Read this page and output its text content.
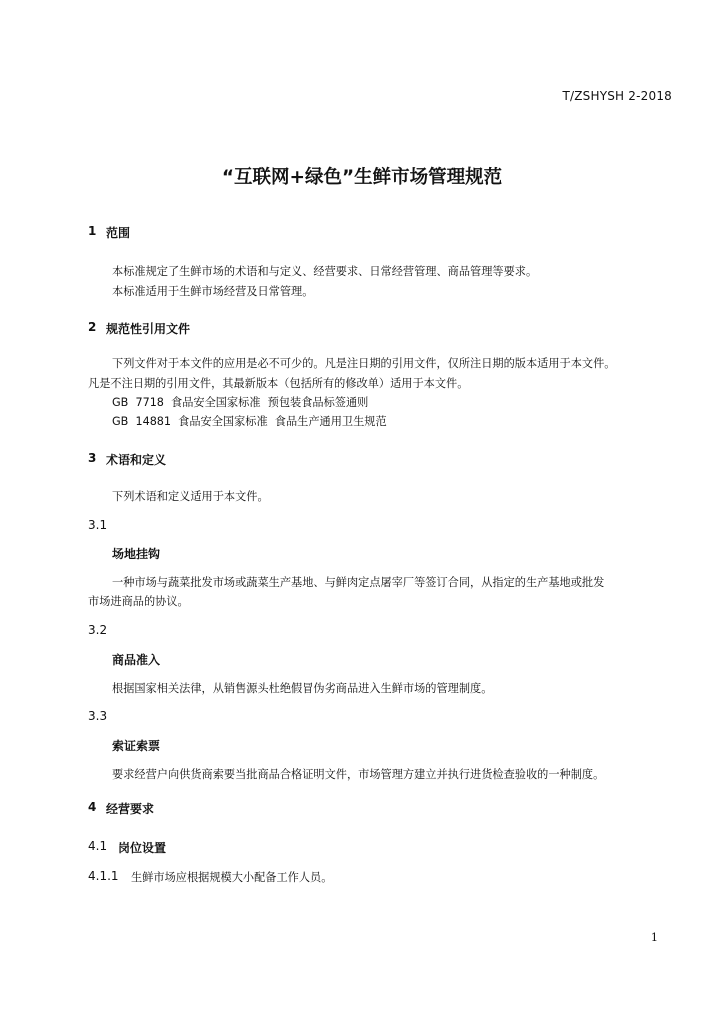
T/ZSHYSH 2-2018
“互联网+绿色”生鲜市场管理规范
1 范围
本标准规定了生鲜市场的术语和与定义、经营要求、日常经营管理、商品管理等要求。
本标准适用于生鲜市场经营及日常管理。
2 规范性引用文件
下列文件对于本文件的应用是必不可少的。凡是注日期的引用文件，仅所注日期的版本适用于本文件。
凡是不注日期的引用文件，其最新版本（包括所有的修改单）适用于本文件。
GB  7718  食品安全国家标准  预包装食品标签通则
GB  14881  食品安全国家标准  食品生产通用卫生规范
3 术语和定义
下列术语和定义适用于本文件。
3.1
场地挂钩
一种市场与蔬菜批发市场或蔬菜生产基地、与鲜肉定点屠宰厂等签订合同，从指定的生产基地或批发
市场进商品的协议。
3.2
商品准入
根据国家相关法律，从销售源头杜绝假冒伪劣商品进入生鲜市场的管理制度。
3.3
索证索票
要求经营户向供货商索要当批商品合格证明文件，市场管理方建立并执行进货检查验收的一种制度。
4 经营要求
4.1 岗位设置
4.1.1 生鲜市场应根据规模大小配备工作人员。
1
